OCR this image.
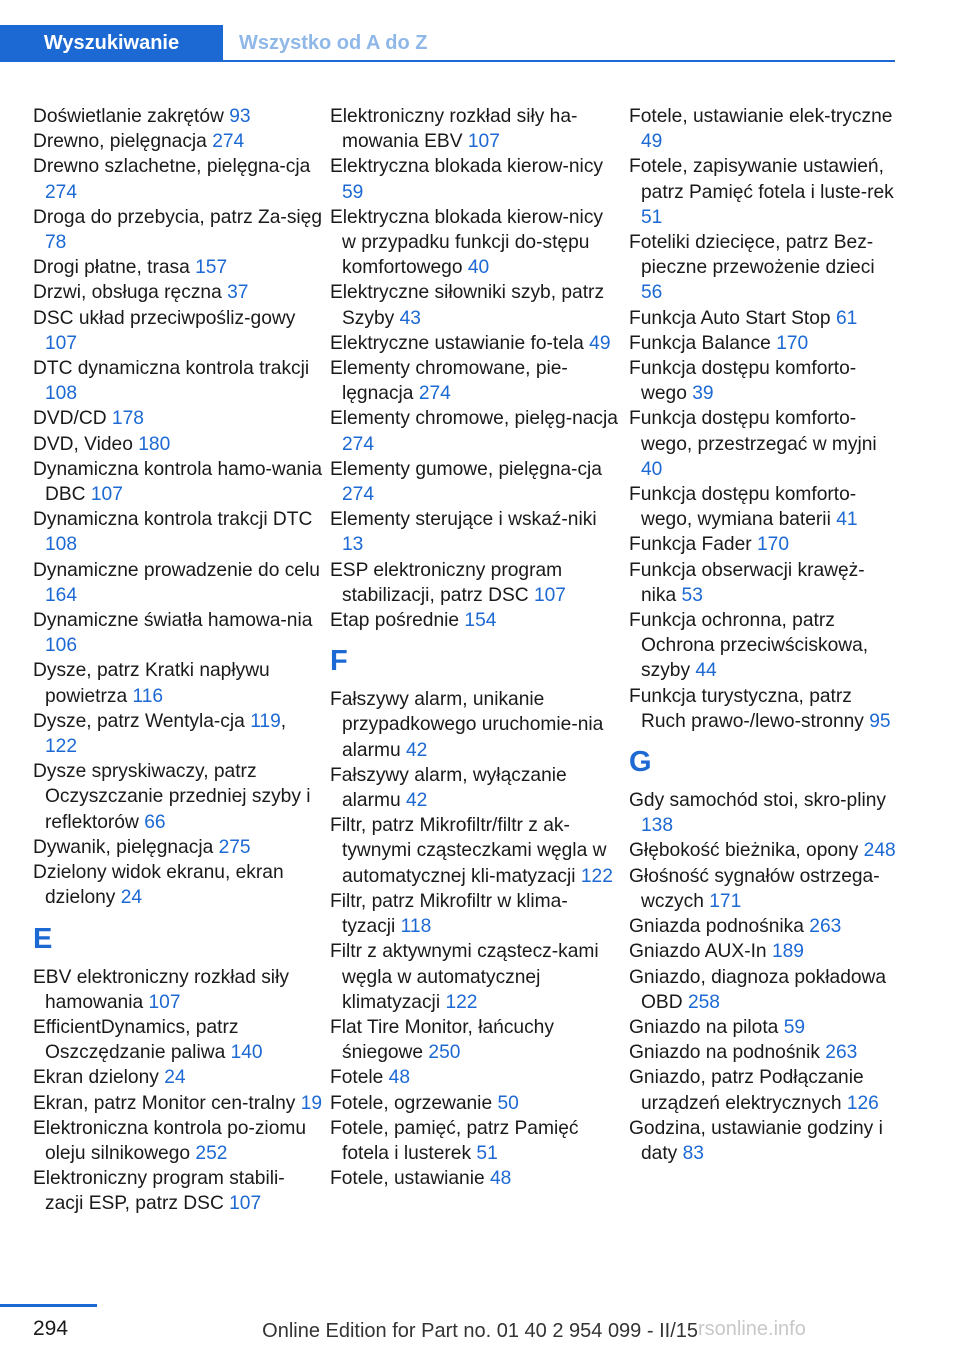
Wyszukiwanie	Wszystko od A do Z

Doświetlanie zakrętów 93

Drewno, pielęgnacja 274

Drewno szlachetne, pielęgna-cja 274

Droga do przebycia, patrz Za-sięg 78

Drogi płatne, trasa 157

Drzwi, obsługa ręczna 37

DSC układ przeciwpośliz-gowy 107

DTC dynamiczna kontrola trakcji 108

DVD/CD 178

DVD, Video 180

Dynamiczna kontrola hamo-wania DBC 107

Dynamiczna kontrola trakcji DTC 108

Dynamiczne prowadzenie do celu 164

Dynamiczne światła hamowa-nia 106

Dysze, patrz Kratki napływu powietrza 116

Dysze, patrz Wentyla-cja 119, 122

Dysze spryskiwaczy, patrz Oczyszczanie przedniej szyby i reflektorów 66

Dywanik, pielęgnacja 275

Dzielony widok ekranu, ekran dzielony 24

E

EBV elektroniczny rozkład siły hamowania 107

EfficientDynamics, patrz Oszczędzanie paliwa 140

Ekran dzielony 24

Ekran, patrz Monitor cen-tralny 19

Elektroniczna kontrola po-ziomu oleju silnikowego 252

Elektroniczny program stabili-zacji ESP, patrz DSC 107

Elektroniczny rozkład siły ha-mowania EBV 107

Elektryczna blokada kierow-nicy 59

Elektryczna blokada kierow-nicy w przypadku funkcji do-stępu komfortowego 40

Elektryczne siłowniki szyb, patrz Szyby 43

Elektryczne ustawianie fo-tela 49

Elementy chromowane, pie-lęgnacja 274

Elementy chromowe, pielęg-nacja 274

Elementy gumowe, pielęgna-cja 274

Elementy sterujące i wskaź-niki 13

ESP elektroniczny program stabilizacji, patrz DSC 107

Etap pośrednie 154

F

Fałszywy alarm, unikanie przypadkowego uruchomie-nia alarmu 42

Fałszywy alarm, wyłączanie alarmu 42

Filtr, patrz Mikrofiltr/filtr z ak-tywnymi cząsteczkami węgla w automatycznej kli-matyzacji 122

Filtr, patrz Mikrofiltr w klima-tyzacji 118

Filtr z aktywnymi cząstecz-kami węgla w automatycznej klimatyzacji 122

Flat Tire Monitor, łańcuchy śniegowe 250

Fotele 48

Fotele, ogrzewanie 50

Fotele, pamięć, patrz Pamięć fotela i lusterek 51

Fotele, ustawianie 48

Fotele, ustawianie elek-tryczne 49

Fotele, zapisywanie ustawień, patrz Pamięć fotela i luste-rek 51

Foteliki dziecięce, patrz Bez-pieczne przewożenie dzieci 56

Funkcja Auto Start Stop 61

Funkcja Balance 170

Funkcja dostępu komforto-wego 39

Funkcja dostępu komforto-wego, przestrzegać w myjni 40

Funkcja dostępu komforto-wego, wymiana baterii 41

Funkcja Fader 170

Funkcja obserwacji krawęż-nika 53

Funkcja ochronna, patrz Ochrona przeciwściskowa, szyby 44

Funkcja turystyczna, patrz Ruch prawo-/lewo-stronny 95

G

Gdy samochód stoi, skro-pliny 138

Głębokość bieżnika, opony 248

Głośność sygnałów ostrzega-wczych 171

Gniazda podnośnika 263

Gniazdo AUX-In 189

Gniazdo, diagnoza pokładowa OBD 258

Gniazdo na pilota 59

Gniazdo na podnośnik 263

Gniazdo, patrz Podłączanie urządzeń elektrycznych 126

Godzina, ustawianie godziny i daty 83

294	Online Edition for Part no. 01 40 2 954 099 - II/15 rsonline.info
